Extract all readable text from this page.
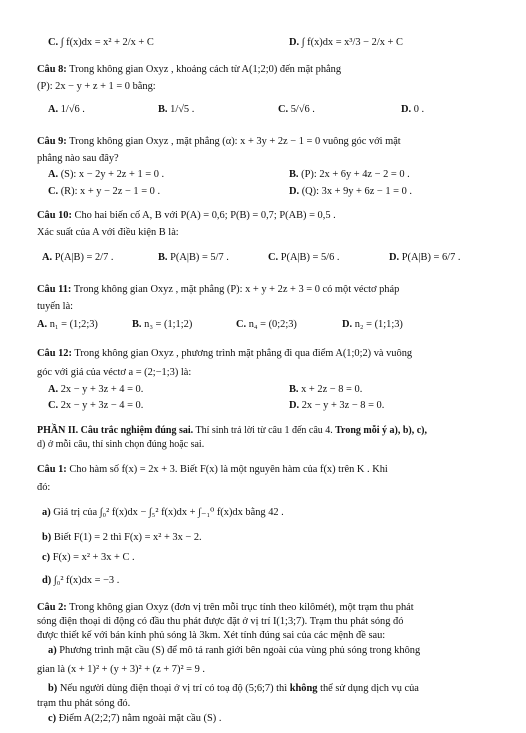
C. ∫ f(x)dx = x² + 2/x + C	D. ∫ f(x)dx = x³/3 − 2/x + C
Câu 8: Trong không gian Oxyz , khoảng cách từ A(1;2;0) đến mặt phẳng
(P): 2x − y + z + 1 = 0 bằng:
A. 1/√6 .	B. 1/√5 .	C. 5/√6 .	D. 0 .
Câu 9: Trong không gian Oxyz , mặt phẳng (α): x + 3y + 2z − 1 = 0 vuông góc với mặt
phẳng nào sau đây?
A. (S): x − 2y + 2z + 1 = 0 .	B. (P): 2x + 6y + 4z − 2 = 0 .
C. (R): x + y − 2z − 1 = 0 .	D. (Q): 3x + 9y + 6z − 1 = 0 .
Câu 10: Cho hai biến cố A, B với P(A) = 0,6; P(B) = 0,7; P(AB) = 0,5 .
Xác suất của A với điều kiện B là:
A. P(A|B) = 2/7 .	B. P(A|B) = 5/7 .	C. P(A|B) = 5/6 .	D. P(A|B) = 6/7 .
Câu 11: Trong không gian Oxyz , mặt phẳng (P): x + y + 2z + 3 = 0 có một véctơ pháp
tuyến là:
A. n₁ = (1;2;3)	B. n₃ = (1;1;2)	C. n₄ = (0;2;3)	D. n₂ = (1;1;3)
Câu 12: Trong không gian Oxyz , phương trình mặt phẳng đi qua điểm A(1;0;2) và vuông
góc với giá của véctơ a = (2;−1;3) là:
A. 2x − y + 3z + 4 = 0.	B. x + 2z − 8 = 0.
C. 2x − y + 3z − 4 = 0.	D. 2x − y + 3z − 8 = 0.
PHẦN II. Câu trắc nghiệm đúng sai. Thí sinh trả lời từ câu 1 đến câu 4. Trong mỗi ý a), b), c),
d) ở mỗi câu, thí sinh chọn đúng hoặc sai.
Câu 1: Cho hàm số f(x) = 2x + 3. Biết F(x) là một nguyên hàm của f(x) trên K . Khi
đó:
a) Giá trị của ∫₀² f(x)dx − ∫₅² f(x)dx + ∫₋₁⁰ f(x)dx bằng 42 .
b) Biết F(1) = 2 thì F(x) = x² + 3x − 2.
c) F(x) = x² + 3x + C .
d) ∫₀² f(x)dx = −3 .
Câu 2: Trong không gian Oxyz (đơn vị trên mỗi trục tính theo kilômét), một trạm thu phát
sóng điện thoại di động có đầu thu phát được đặt ở vị trí I(1;3;7). Trạm thu phát sóng đó
được thiết kế với bán kính phủ sóng là 3km. Xét tính đúng sai của các mệnh đề sau:
a) Phương trình mặt cầu (S) để mô tả ranh giới bên ngoài của vùng phủ sóng trong không
gian là (x + 1)² + (y + 3)² + (z + 7)² = 9 .
b) Nếu người dùng điện thoại ở vị trí có toạ độ (5;6;7) thì không thể sử dụng dịch vụ của
trạm thu phát sóng đó.
c) Điểm A(2;2;7) nằm ngoài mặt cầu (S) .
